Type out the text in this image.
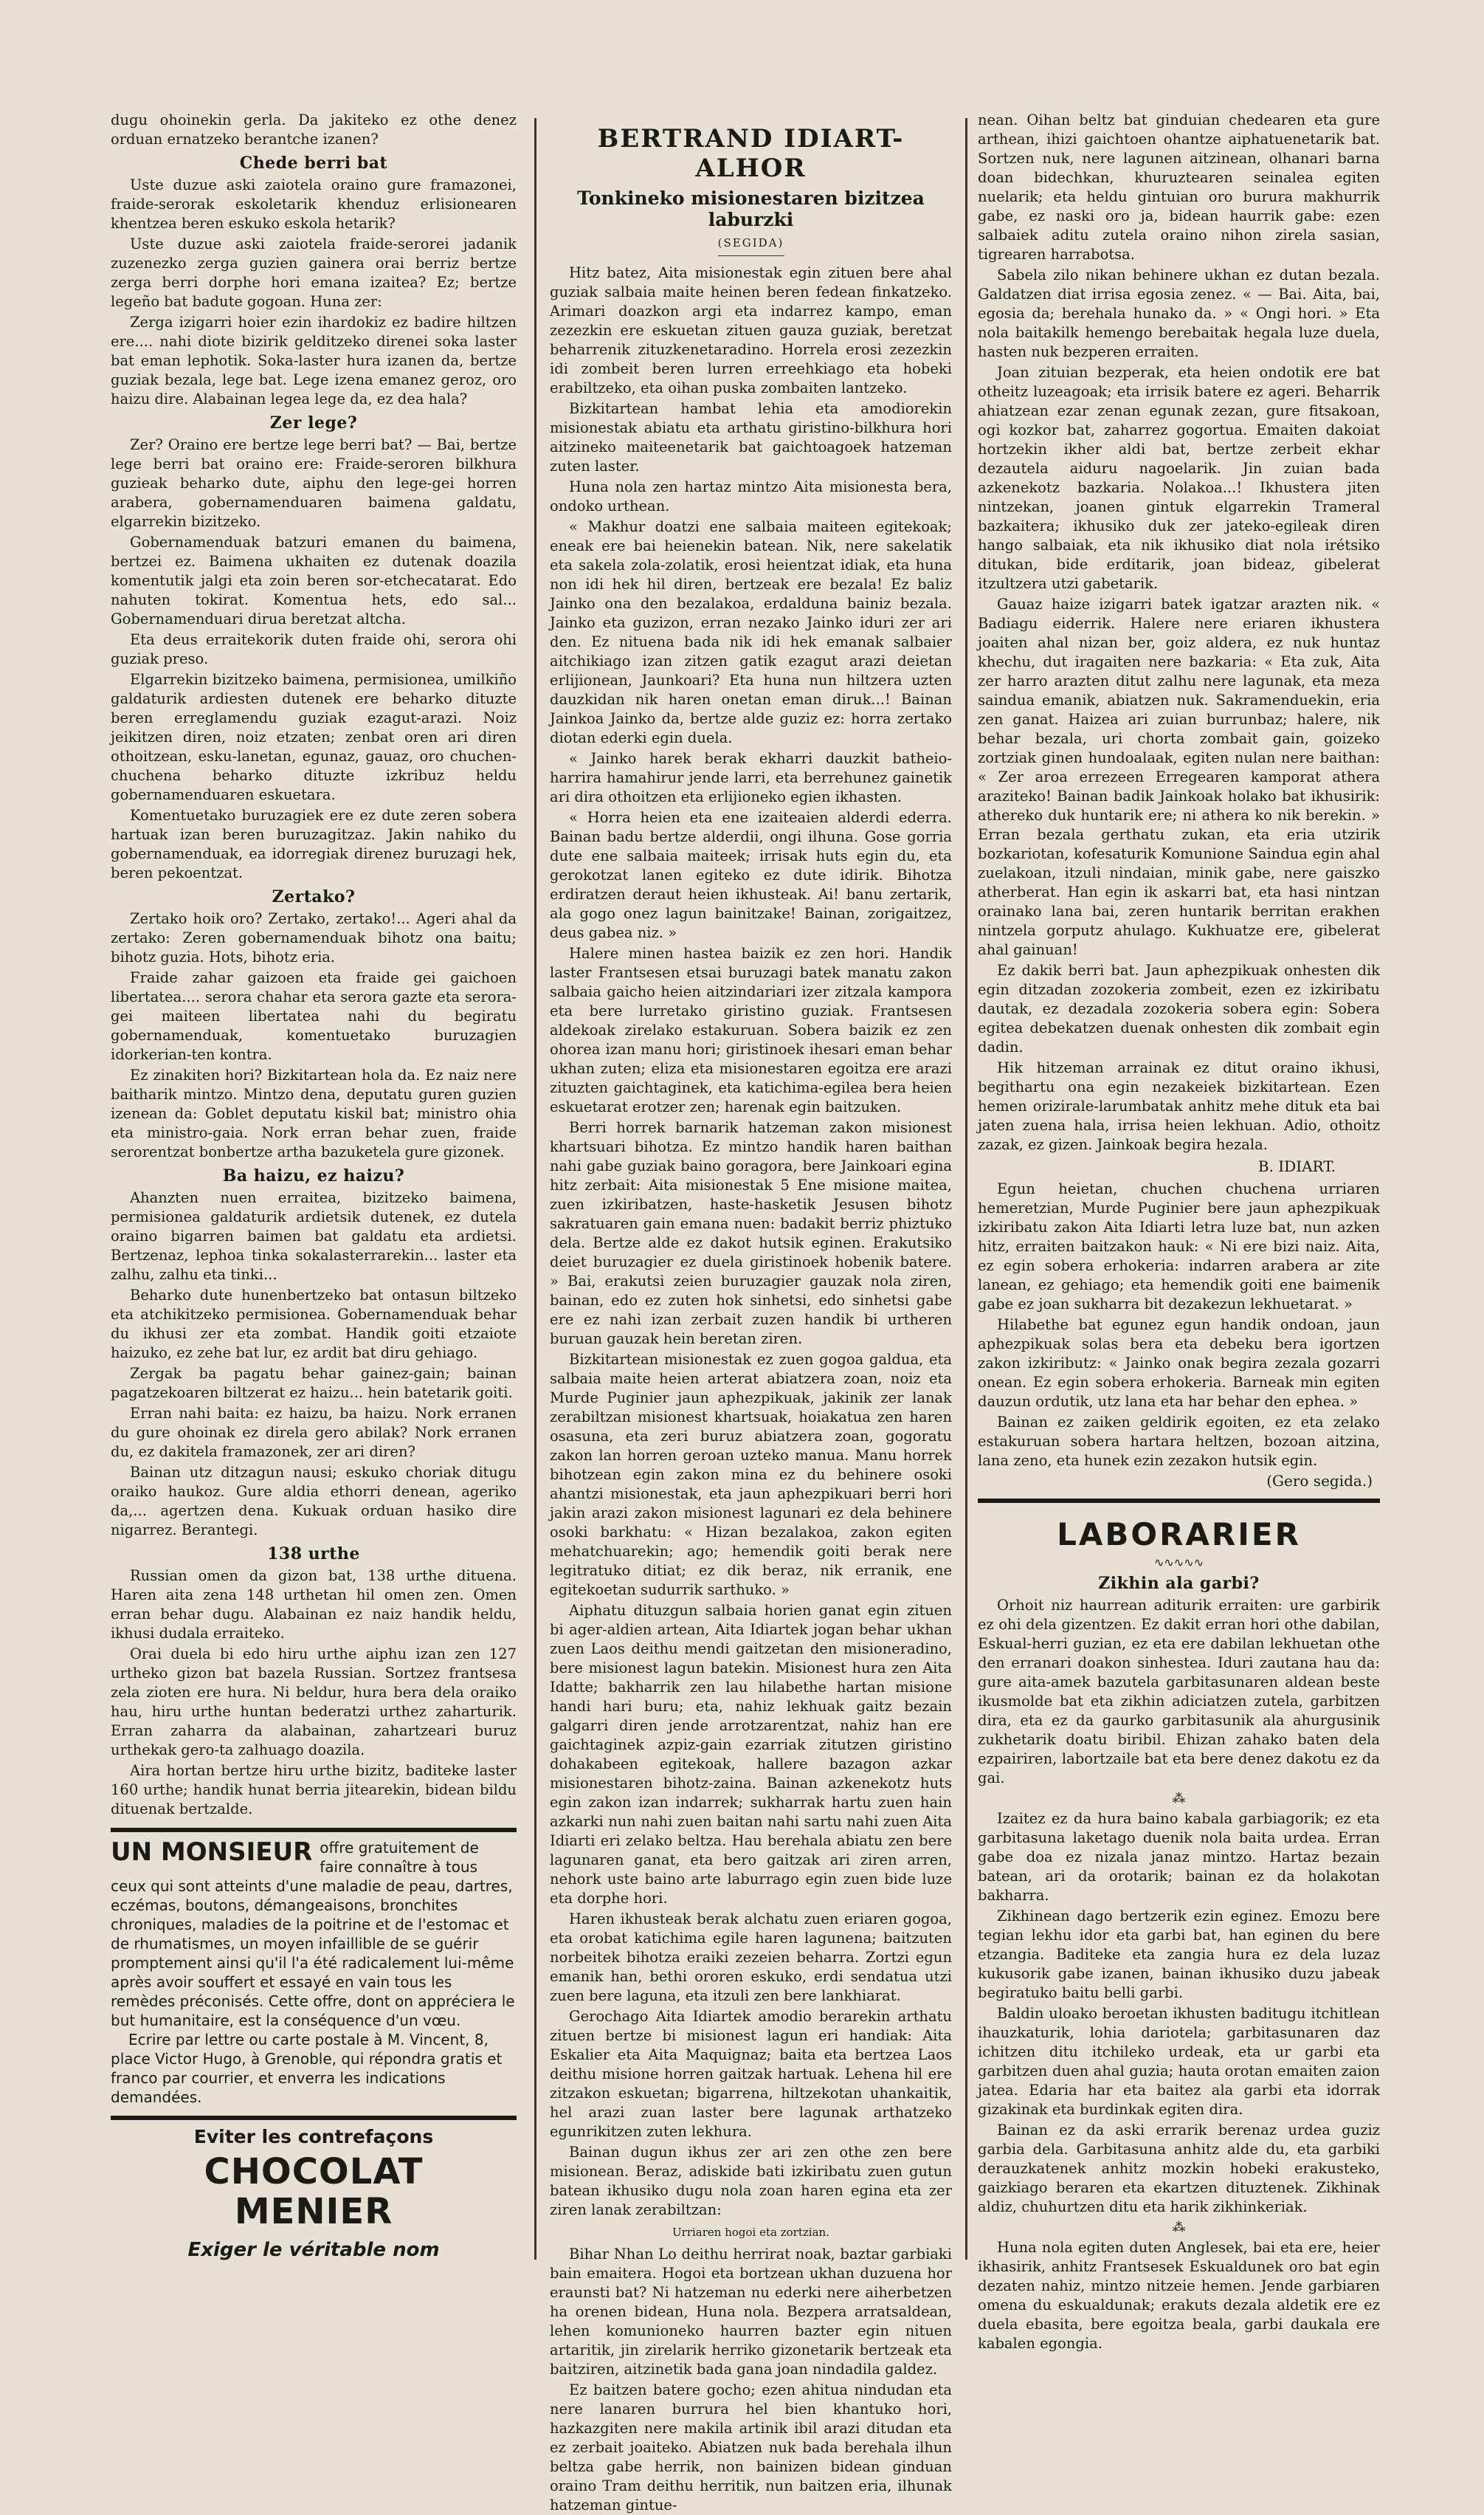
dugu ohoinekin gerla. Da jakiteko ez othe denez orduan ernatzeko berantche izanen?

Chede berri bat

Uste duzue aski zaiotela oraino gure framazonei, fraide-serorak eskoletarik khenduz erlisionearen khentzea beren eskuko eskola hetarik?

Uste duzue aski zaiotela fraide-serorei jadanik zuzenezko zerga guzien gainera orai berriz bertze zerga berri dorphe hori emana izaitea? Ez; bertze legeño bat badute gogoan. Huna zer:

Zerga izigarri hoier ezin ihardokiz ez badire hiltzen ere.... nahi diote bizirik gelditzeko direnei soka laster bat eman lephotik. Soka-laster hura izanen da, bertze guziak bezala, lege bat. Lege izena emanez geroz, oro haizu dire. Alabainan legea lege da, ez dea hala?

Zer lege?

Zer? Oraino ere bertze lege berri bat? — Bai, bertze lege berri bat oraino ere: Fraide-seroren bilkhura guzieak beharko dute, aiphu den lege-gei horren arabera, gobernamenduaren baimena galdatu, elgarrekin bizitzeko.

Gobernamenduak batzuri emanen du baimena, bertzei ez. Baimena ukhaiten ez dutenak doazila komentutik jalgi eta zoin beren sor-etchecatarat. Edo nahuten tokirat. Komentua hets, edo sal... Gobernamenduari dirua beretzat altcha.

Eta deus erraitekorik duten fraide ohi, serora ohi guziak preso.

Elgarrekin bizitzeko baimena, permisionea, umilkiño galdaturik ardiesten dutenek ere beharko dituzte beren erreglamendu guziak ezagut-arazi. Noiz jeikitzen diren, noiz etzaten; zenbat oren ari diren othoitzean, esku-lanetan, egunaz, gauaz, oro chuchen-chuchena beharko dituzte izkribuz heldu gobernamenduaren eskuetara.

Komentuetako buruzagiek ere ez dute zeren sobera hartuak izan beren buruzagitzaz. Jakin nahiko du gobernamenduak, ea idorregiak direnez buruzagi hek, beren pekoentzat.

Zertako?

Zertako hoik oro? Zertako, zertako!... Ageri ahal da zertako: Zeren gobernamenduak bihotz ona baitu; bihotz guzia. Hots, bihotz eria.

Fraide zahar gaizoen eta fraide gei gaichoen libertatea.... serora chahar eta serora gazte eta serora-gei maiteen libertatea nahi du begiratu gobernamenduak, komentuetako buruzagien idorkerian-ten kontra.

Ez zinakiten hori? Bizkitartean hola da. Ez naiz nere baitharik mintzo. Mintzo dena, deputatu guren guzien izenean da: Goblet deputatu kiskil bat; ministro ohia eta ministro-gaia. Nork erran behar zuen, fraide serorentzat bonbertze artha bazuketela gure gizonek.

Ba haizu, ez haizu?

Ahanzten nuen erraitea, bizitzeko baimena, permisionea galdaturik ardietsik dutenek, ez dutela oraino bigarren baimen bat galdatu eta ardietsi. Bertzenaz, lephoa tinka sokalasterrarekin... laster eta zalhu, zalhu eta tinki...

Beharko dute hunenbertzeko bat ontasun biltzeko eta atchikitzeko permisionea. Gobernamenduak behar du ikhusi zer eta zombat. Handik goiti etzaiote haizuko, ez zehe bat lur, ez ardit bat diru gehiago.

Zergak ba pagatu behar gainez-gain; bainan pagatzekoaren biltzerat ez haizu... hein batetarik goiti.

Erran nahi baita: ez haizu, ba haizu. Nork erranen du gure ohoinak ez direla gero abilak? Nork erranen du, ez dakitela framazonek, zer ari diren?

Bainan utz ditzagun nausi; eskuko choriak ditugu oraiko haukoz. Gure aldia ethorri denean, ageriko da,... agertzen dena. Kukuak orduan hasiko dire nigarrez. Berantegi.

138 urthe

Russian omen da gizon bat, 138 urthe dituena. Haren aita zena 148 urthetan hil omen zen. Omen erran behar dugu. Alabainan ez naiz handik heldu, ikhusi dudala erraiteko.

Orai duela bi edo hiru urthe aiphu izan zen 127 urtheko gizon bat bazela Russian. Sortzez frantsesa zela zioten ere hura. Ni beldur, hura bera dela oraiko hau, hiru urthe huntan bederatzi urthez zaharturik. Erran zaharra da alabainan, zahartzeari buruz urthekak gero-ta zalhuago doazila.

Aira hortan bertze hiru urthe bizitz, baditeke laster 160 urthe; handik hunat berria jitearekin, bidean bildu dituenak bertzalde.

UN MONSIEUR offre gratuitement de faire connaître à tous ceux qui sont atteints d'une maladie de peau, dartres, eczémas, boutons, démangeaisons, bronchites chroniques, maladies de la poitrine et de l'estomac et de rhumatismes, un moyen infaillible de se guérir promptement ainsi qu'il l'a été radicalement lui-même après avoir souffert et essayé en vain tous les remèdes préconisés. Cette offre, dont on appréciera le but humanitaire, est la conséquence d'un vœu.
Ecrire par lettre ou carte postale à M. Vincent, 8, place Victor Hugo, à Grenoble, qui répondra gratis et franco par courrier, et enverra les indications demandées.
Eviter les contrefaçons
CHOCOLAT
MENIER
Exiger le véritable nom
BERTRAND IDIART-ALHOR
Tonkineko misionestaren bizitzea laburzki
(SEGIDA)

Hitz batez, Aita misionestak egin zituen bere ahal guziak salbaia maite heinen beren fedean finkatzeko. Arimari doazkon argi eta indarrez kampo, eman zezezkin ere eskuetan zituen gauza guziak, beretzat beharrenik zituzkenetaradino. Horrela erosi zezezkin idi zombeit beren lurren erreehkiago eta hobeki erabiltzeko, eta oihan puska zombaiten lantzeko.

Bizkitartean hambat lehia eta amodiorekin misionestak abiatu eta arthatu giristino-bilkhura hori aitzineko maiteenetarik bat gaichtoagoek hatzeman zuten laster.

Huna nola zen hartaz mintzo Aita misionesta bera, ondoko urthean.

« Makhur doatzi ene salbaia maiteen egitekoak; eneak ere bai heienekin batean. Nik, nere sakelatik eta sakela zola-zolatik, erosi heientzat idiak, eta huna non idi hek hil diren, bertzeak ere bezala! Ez baliz Jainko ona den bezalakoa, erdalduna bainiz bezala. Jainko eta guzizon, erran nezako Jainko iduri zer ari den. Ez nituena bada nik idi hek emanak salbaier aitchikiago izan zitzen gatik ezagut arazi deietan erlijionean, Jaunkoari? Eta huna nun hiltzera uzten dauzkidan nik haren onetan eman diruk...! Bainan Jainkoa Jainko da, bertze alde guziz ez: horra zertako diotan ederki egin duela.

« Jainko harek berak ekharri dauzkit batheio-harrira hamahirur jende larri, eta berrehunez gainetik ari dira othoitzen eta erlijioneko egien ikhasten.

« Horra heien eta ene izaiteaien alderdi ederra. Bainan badu bertze alderdii, ongi ilhuna. Gose gorria dute ene salbaia maiteek; irrisak huts egin du, eta gerokotzat lanen egiteko ez dute idirik. Bihotza erdiratzen deraut heien ikhusteak. Ai! banu zertarik, ala gogo onez lagun bainitzake! Bainan, zorigaitzez, deus gabea niz. »

Halere minen hastea baizik ez zen hori. Handik laster Frantsesen etsai buruzagi batek manatu zakon salbaia gaicho heien aitzindariari izer zitzala kampora eta bere lurretako giristino guziak. Frantsesen aldekoak zirelako estakuruan. Sobera baizik ez zen ohorea izan manu hori; giristinoek ihesari eman behar ukhan zuten; eliza eta misionestaren egoitza ere arazi zituzten gaichtaginek, eta katichima-egilea bera heien eskuetarat erotzer zen; harenak egin baitzuken.

Berri horrek barnarik hatzeman zakon misionest khartsuari bihotza. Ez mintzo handik haren baithan nahi gabe guziak baino goragora, bere Jainkoari egina hitz zerbait: Aita misionestak 5 Ene misione maitea, zuen izkiribatzen, haste-hasketik Jesusen bihotz sakratuaren gain emana nuen: badakit berriz phiztuko dela. Bertze alde ez dakot hutsik eginen. Erakutsiko deiet buruzagier ez duela giristinoek hobenik batere. » Bai, erakutsi zeien buruzagier gauzak nola ziren, bainan, edo ez zuten hok sinhetsi, edo sinhetsi gabe ere ez nahi izan zerbait zuzen handik bi urtheren buruan gauzak hein beretan ziren.

Bizkitartean misionestak ez zuen gogoa galdua, eta salbaia maite heien arterat abiatzera zoan, noiz eta Murde Puginier jaun aphezpikuak, jakinik zer lanak zerabiltzan misionest khartsuak, hoiakatua zen haren osasuna, eta zeri buruz abiatzera zoan, gogoratu zakon lan horren geroan uzteko manua. Manu horrek bihotzean egin zakon mina ez du behinere osoki ahantzi misionestak, eta jaun aphezpikuari berri hori jakin arazi zakon misionest lagunari ez dela behinere osoki barkhatu: « Hizan bezalakoa, zakon egiten mehatchuarekin; ago; hemendik goiti berak nere legitratuko ditiat; ez dik beraz, nik erranik, ene egitekoetan sudurrik sarthuko. »

Aiphatu dituzgun salbaia horien ganat egin zituen bi ager-aldien artean, Aita Idiartek jogan behar ukhan zuen Laos deithu mendi gaitzetan den misioneradino, bere misionest lagun batekin. Misionest hura zen Aita Idatte; bakharrik zen lau hilabethe hartan misione handi hari buru; eta, nahiz lekhuak gaitz bezain galgarri diren jende arrotzarentzat, nahiz han ere gaichtaginek azpiz-gain ezarriak zitutzen giristino dohakabeen egitekoak, hallere bazagon azkar misionestaren bihotz-zaina. Bainan azkenekotz huts egin zakon izan indarrek; sukharrak hartu zuen hain azkarki nun nahi zuen baitan nahi sartu nahi zuen Aita Idiarti eri zelako beltza. Hau berehala abiatu zen bere lagunaren ganat, eta bero gaitzak ari ziren arren, nehork uste baino arte laburrago egin zuen bide luze eta dorphe hori.

Haren ikhusteak berak alchatu zuen eriaren gogoa, eta orobat katichima egile haren lagunena; baitzuten norbeitek bihotza eraiki zezeien beharra. Zortzi egun emanik han, bethi ororen eskuko, erdi sendatua utzi zuen bere laguna, eta itzuli zen bere lankhiarat.

Gerochago Aita Idiartek amodio berarekin arthatu zituen bertze bi misionest lagun eri handiak: Aita Eskalier eta Aita Maquignaz; baita eta bertzea Laos deithu misione horren gaitzak hartuak. Lehena hil ere zitzakon eskuetan; bigarrena, hiltzekotan uhankaitik, hel arazi zuan laster bere lagunak arthatzeko egunrikitzen zuten lekhura.

Bainan dugun ikhus zer ari zen othe zen bere misionean. Beraz, adiskide bati izkiribatu zuen gutun batean ikhusiko dugu nola zoan haren egina eta zer ziren lanak zerabiltzan:

Urriaren hogoi eta zortzian.

Bihar Nhan Lo deithu herrirat noak, baztar garbiaki bain emaitera. Hogoi eta bortzean ukhan duzuena hor eraunsti bat? Ni hatzeman nu ederki nere aiherbetzen ha orenen bidean, Huna nola. Bezpera arratsaldean, lehen komunioneko haurren bazter egin nituen artaritik, jin zirelarik herriko gizonetarik bertzeak eta baitziren, aitzinetik bada gana joan nindadila galdez.

Ez baitzen batere gocho; ezen ahitua nindudan eta nere lanaren burrura hel bien khantuko hori, hazkazgiten nere makila artinik ibil arazi ditudan eta ez zerbait joaiteko. Abiatzen nuk bada berehala ilhun beltza gabe herrik, non bainizen bidean ginduan oraino Tram deithu herritik, nun baitzen eria, ilhunak hatzeman gintue-

nean. Oihan beltz bat ginduian chedearen eta gure arthean, ihizi gaichtoen ohantze aiphatuenetarik bat. Sortzen nuk, nere lagunen aitzinean, olhanari barna doan bidechkan, khuruztearen seinalea egiten nuelarik; eta heldu gintuian oro bururа makhurrik gabe, ez naski oro ja, bidean haurrik gabe: ezen salbaiek aditu zutela oraino nihon zirela sasian, tigrearen harrabotsa.

Sabela zilo nikan behinere ukhan ez dutan bezala. Galdatzen diat irrisa egosia zenez. « — Bai. Aita, bai, egosia da; berehala hunako da. » « Ongi hori. » Eta nola baitakilk hemengo berebaitak hegala luze duela, hasten nuk bezperen erraiten.

Joan zituian bezperak, eta heien ondotik ere bat otheitz luzeagoak; eta irrisik batere ez ageri. Beharrik ahiatzean ezar zenan egunak zezan, gure fitsakoan, ogi kozkor bat, zaharrez gogortua. Emaiten dakoiat hortzekin ikher aldi bat, bertze zerbeit ekhar dezautela aiduru nagoelarik. Jin zuian bada azkenekotz bazkaria. Nolakoa...! Ikhustera jiten nintzekan, joanen gintuk elgarrekin Trameral bazkaitera; ikhusiko duk zer jateko-egileak diren hango salbaiak, eta nik ikhusiko diat nola irétsiko ditukan, bide erditarik, joan bideaz, gibelerat itzultzera utzi gabetarik.

Gauaz haize izigarri batek igatzar arazten nik. « Badiagu eiderrik. Halere nere eriaren ikhustera joaiten ahal nizan ber, goiz aldera, ez nuk huntaz khechu, dut iragaiten nere bazkaria: « Eta zuk, Aita zer harro arazten ditut zalhu nere lagunak, eta meza sainduа emanik, abiatzen nuk. Sakramenduekin, eria zen ganat. Haizea ari zuian burrunbaz; halere, nik behar bezala, uri chorta zombait gain, goizeko zortziak ginen hundoalaak, egiten nulan nere baithan: « Zer aroa errezeen Erregearen kamporat athera araziteko! Bainan badik Jainkoak holako bat ikhusirik: athereko duk huntarik ere; ni athera ko nik berekin. » Erran bezala gerthatu zukan, eta eria utzirik bozkariotan, kofesaturik Komunione Sainduа egin ahal zuelakoan, itzuli nindaian, minik gabe, nere gaiszko atherberat. Han egin ik askarri bat, eta hasi nintzan orainako lana bai, zeren huntarik berritan erakhen nintzela gorputz ahulago. Kukhuatze ere, gibelerat ahal gainuan!

Ez dakik berri bat. Jaun aphezpikuak onhesten dik egin ditzadan zozokeria zombeit, ezen ez izkiribatu dautak, ez dezadala zozokeria sobera egin: Sobera egitea debekatzen duenak onhesten dik zombait egin dadin.

Hik hitzeman arrainak ez ditut oraino ikhusi, begithartu ona egin nezakeiek bizkitartean. Ezen hemen orizirale-larumbatak anhitz mehe dituk eta bai jaten zuena hala, irrisa heien lekhuan. Adio, othoitz zazak, ez gizen. Jainkoak begira hezala.

B. IDIART.

Egun heietan, chuchen chuchena urriaren hemeretzian, Murde Puginier bere jaun aphezpikuak izkiribatu zakon Aita Idiarti letra luze bat, nun azken hitz, erraiten baitzakon hauk: « Ni ere bizi naiz. Aita, ez egin sobera erhokeria: indarren arabera ar zite lanean, ez gehiago; eta hemendik goiti ene baimenik gabe ez joan sukharra bit dezakezun lekhuetarat. »

Hilabethe bat egunez egun handik ondoan, jaun aphezpikuak solas bera eta debeku bera igortzen zakon izkiributz: « Jainko onak begira zezala gozarri onean. Ez egin sobera erhokeria. Barneak min egiten dauzun ordutik, utz lana eta har behar den ephea. »

Bainan ez zaiken geldirik egoiten, ez eta zelako estakuruan sobera hartara heltzen, bozoan aitzina, lana zeno, eta hunek ezin zezakon hutsik egin.

(Gero segida.)
LABORARIER
∿∿∿∿∿
Zikhin ala garbi?

Orhoit niz haurrean aditurik erraiten: ure garbirik ez ohi dela gizentzen. Ez dakit erran hori othe dabilan, Eskual-herri guzian, ez eta ere dabilan lekhuetan othe den erranari doakon sinhestea. Iduri zautana hau da: gure aita-amek bazutela garbitasunaren aldean beste ikusmolde bat eta zikhin adiciatzen zutela, garbitzen dira, eta ez da gaurko garbitasunik ala ahurgusinik zukhetarik doatu biribil. Ehizan zahako baten dela ezpairiren, labortzaile bat eta bere denez dakotu ez da gai.

⁂

Izaitez ez da hura baino kabala garbiagorik; ez eta garbitasuna laketago duenik nola baita urdea. Erran gabe doa ez nizala janaz mintzo. Hartaz bezain batean, ari da orotarik; bainan ez da holakotan bakharra.

Zikhinean dago bertzerik ezin eginez. Emozu bere tegian lekhu idor eta garbi bat, han eginen du bere etzangia. Baditeke eta zangia hura ez dela luzaz kukusorik gabe izanen, bainan ikhusiko duzu jabeak begiratuko baitu belli garbi.

Baldin uloako beroetan ikhusten baditugu itchitlean ihauzkaturik, lohia dariotela; garbitasunaren daz ichitzen ditu itchileko urdeak, eta ur garbi eta garbitzen duen ahal guzia; hauta orotan emaiten zaion jatea. Edaria har eta baitez ala garbi eta idorrak gizakinak eta burdinkak egiten dira.

Bainan ez da aski errarik berenaz urdea guziz garbia dela. Garbitasuna anhitz alde du, eta garbiki derauzkatenek anhitz mozkin hobeki erakusteko, gaizkiago beraren eta ekartzen dituztenek. Zikhinak aldiz, chuhurtzen ditu eta harik zikhinkeriak.

⁂

Huna nola egiten duten Anglesek, bai eta ere, heier ikhasirik, anhitz Frantsesek Eskualdunek oro bat egin dezaten nahiz, mintzo nitzeie hemen. Jende garbiaren omena du eskualdunak; erakuts dezala aldetik ere ez duela ebasita, bere egoitza beala, garbi daukala ere kabalen egongia.
